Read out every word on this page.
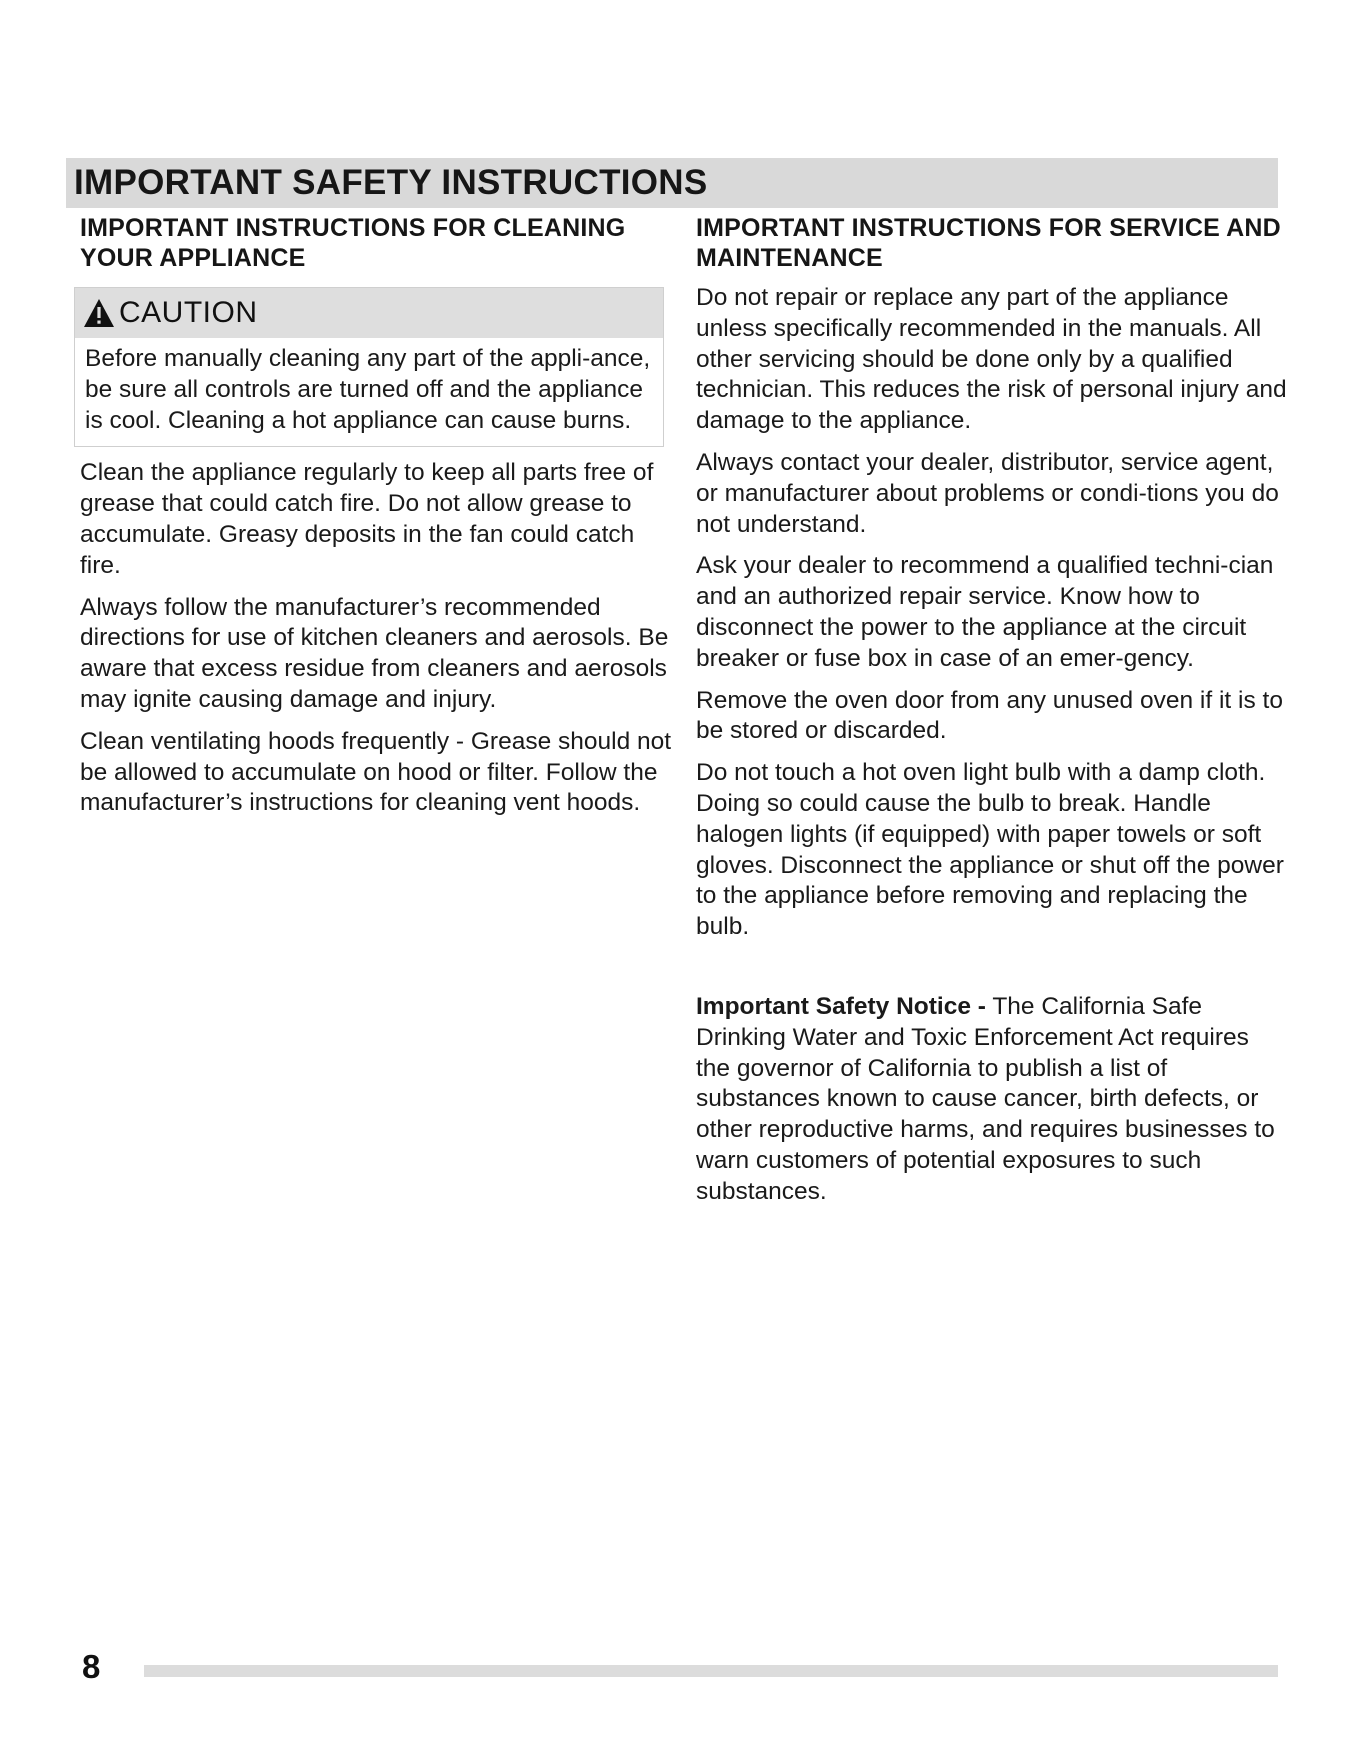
IMPORTANT SAFETY INSTRUCTIONS
IMPORTANT INSTRUCTIONS FOR CLEANING YOUR APPLIANCE
CAUTION

Before manually cleaning any part of the appli-ance, be sure all controls are turned off and the appliance is cool. Cleaning a hot appliance can cause burns.

Clean the appliance regularly to keep all parts free of grease that could catch fire. Do not allow grease to accumulate. Greasy deposits in the fan could catch fire.

Always follow the manufacturer’s recommended directions for use of kitchen cleaners and aerosols. Be aware that excess residue from cleaners and aerosols may ignite causing damage and injury.

Clean ventilating hoods frequently - Grease should not be allowed to accumulate on hood or filter. Follow the manufacturer’s instructions for cleaning vent hoods.

IMPORTANT INSTRUCTIONS FOR SERVICE AND MAINTENANCE

Do not repair or replace any part of the appliance unless specifically recommended in the manuals. All other servicing should be done only by a qualified technician. This reduces the risk of personal injury and damage to the appliance.

Always contact your dealer, distributor, service agent, or manufacturer about problems or condi-tions you do not understand.

Ask your dealer to recommend a qualified techni-cian and an authorized repair service. Know how to disconnect the power to the appliance at the circuit breaker or fuse box in case of an emer-gency.

Remove the oven door from any unused oven if it is to be stored or discarded.

Do not touch a hot oven light bulb with a damp cloth. Doing so could cause the bulb to break. Handle halogen lights (if equipped) with paper towels or soft gloves. Disconnect the appliance or shut off the power to the appliance before removing and replacing the bulb.

Important Safety Notice - The California Safe Drinking Water and Toxic Enforcement Act requires the governor of California to publish a list of substances known to cause cancer, birth defects, or other reproductive harms, and requires businesses to warn customers of potential exposures to such substances.

8
